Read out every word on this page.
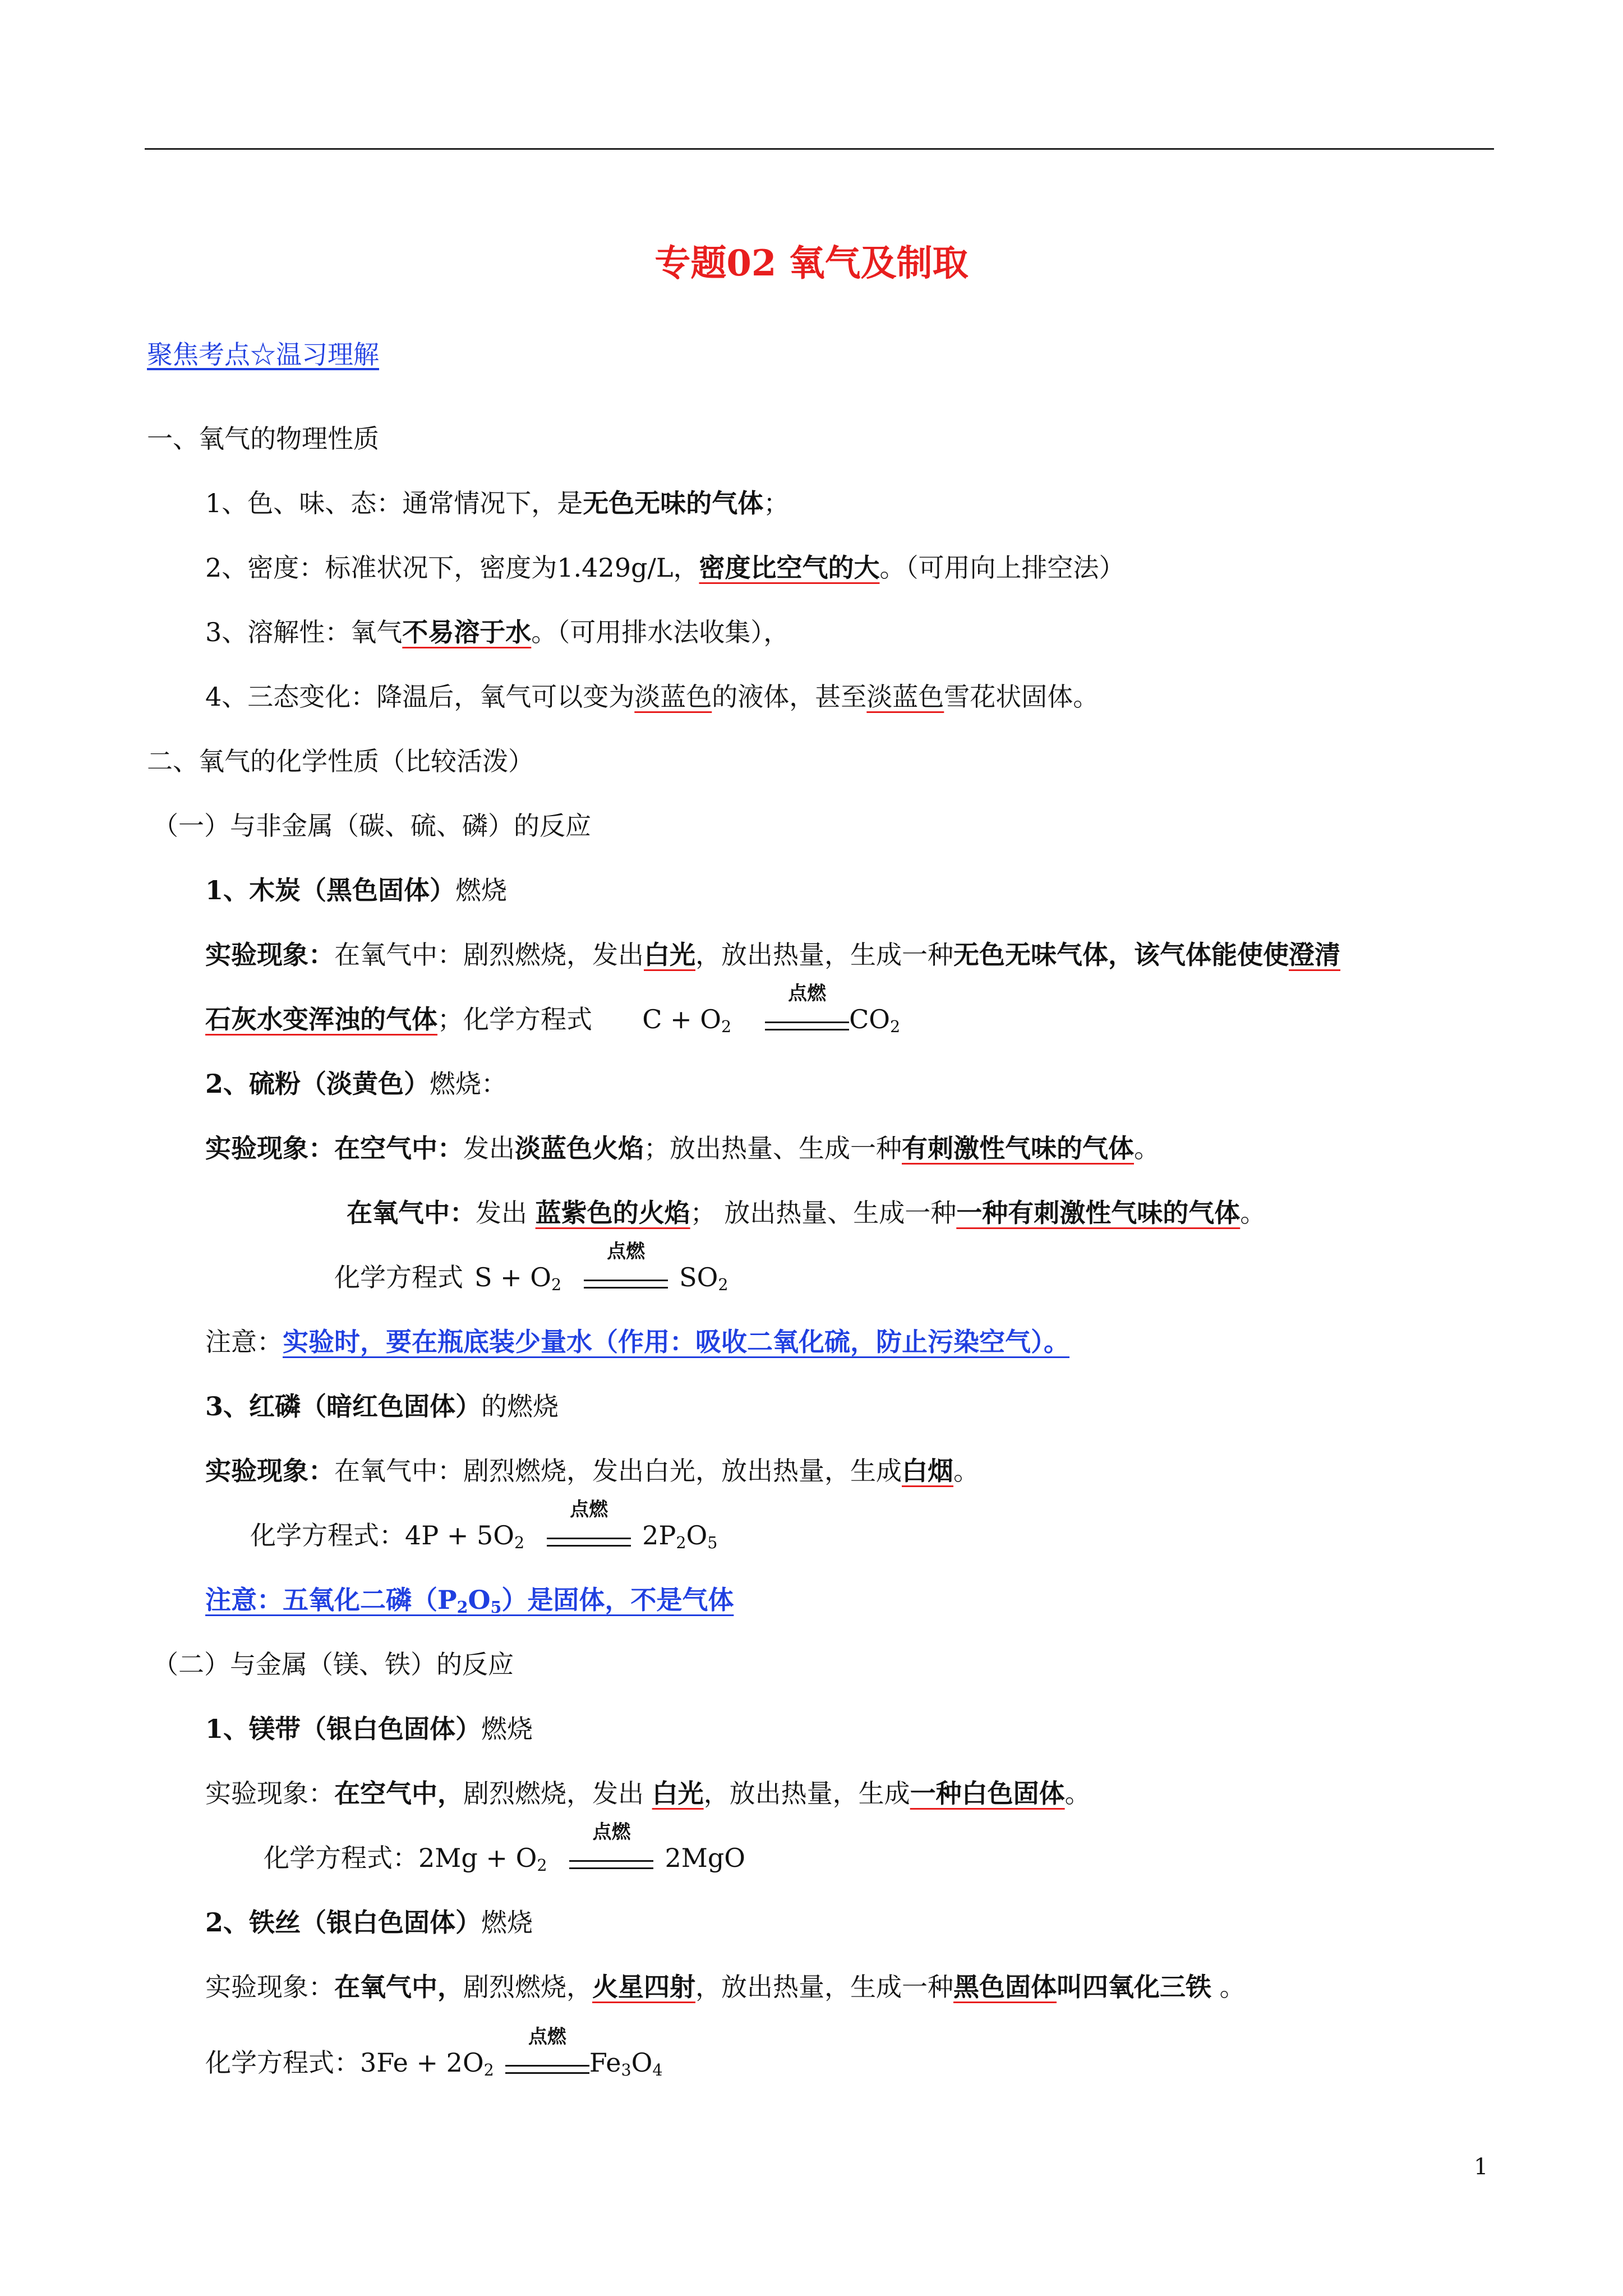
专题02 氧气及制取
聚焦考点☆温习理解
一、氧气的物理性质
1、色、味、态：通常情况下，是无色无味的气体；
2、密度：标准状况下，密度为1.429g/L，密度比空气的大。（可用向上排空法）
3、溶解性：氧气不易溶于水。（可用排水法收集），
4、三态变化：降温后，氧气可以变为淡蓝色的液体，甚至淡蓝色雪花状固体。
二、氧气的化学性质（比较活泼）
（一）与非金属（碳、硫、磷）的反应
1、木炭（黑色固体）燃烧
实验现象：在氧气中：剧烈燃烧，发出白光，放出热量，生成一种无色无味气体，该气体能使使澄清
石灰水变浑浊的气体；化学方程式 $C + O_2$
点燃
$CO_2$
2、硫粉（淡黄色）燃烧：
实验现象：在空气中：发出淡蓝色火焰；放出热量、生成一种有刺激性气味的气体。
在氧气中：发出 蓝紫色的火焰； 放出热量、生成一种一种有刺激性气味的气体。
化学方程式 $S + O_2$
点燃
$SO_2$
注意：实验时，要在瓶底装少量水（作用：吸收二氧化硫，防止污染空气）。
3、红磷（暗红色固体）的燃烧
实验现象：在氧气中：剧烈燃烧，发出白光，放出热量，生成白烟。
化学方程式：$4P + 5O_2$
点燃
$2P_2O_5$
注意：五氧化二磷$(P_2O_5)$是固体，不是气体
（二）与金属（镁、铁）的反应
1、镁带（银白色固体）燃烧
实验现象：在空气中，剧烈燃烧，发出 白光，放出热量，生成一种白色固体。
化学方程式：$2Mg + O_2$
点燃
2MgO
2、铁丝（银白色固体）燃烧
实验现象：在氧气中，剧烈燃烧，火星四射，放出热量，生成一种黑色固体叫四氧化三铁 。
化学方程式：$3Fe + 2O_2$
点燃
$Fe_3O_4$
1
